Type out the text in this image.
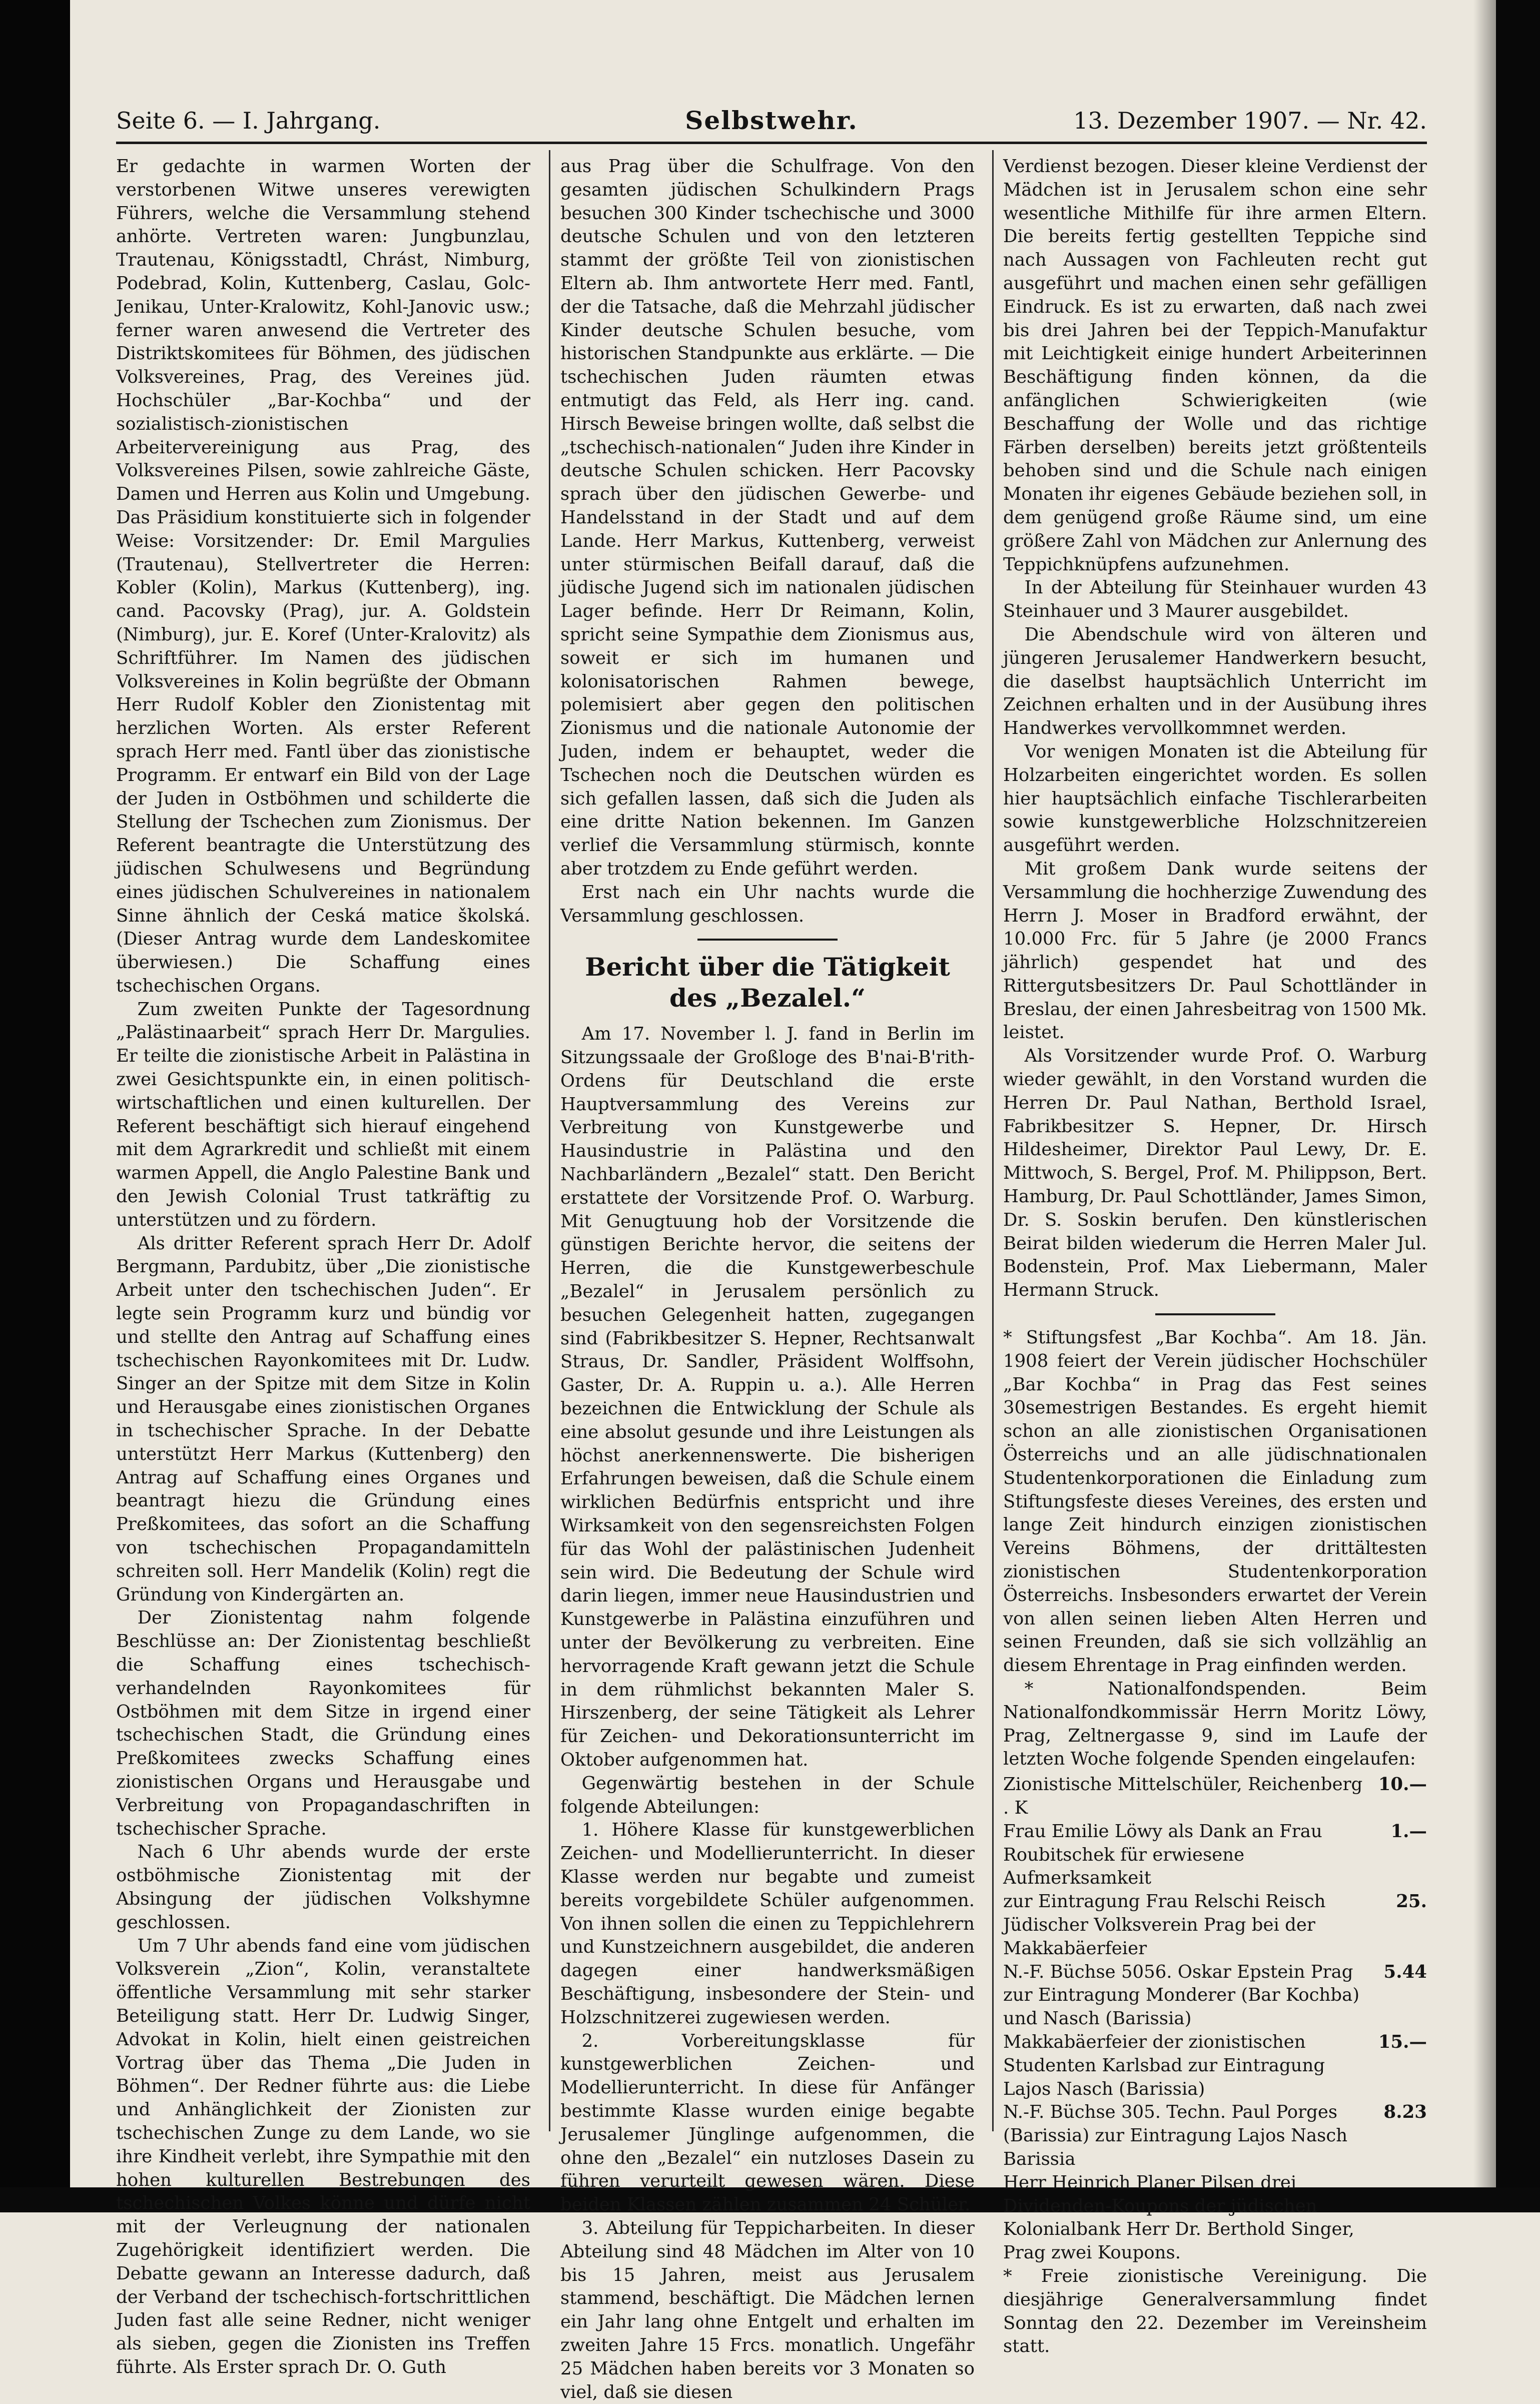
Seite 6. — I. Jahrgang.	Selbstwehr.	13. Dezember 1907. — Nr. 42.

Er gedachte in warmen Worten der verstorbenen Witwe unseres verewigten Führers, welche die Versammlung stehend anhörte. Vertreten waren: Jungbunzlau, Trautenau, Königsstadtl, Chrást, Nimburg, Podebrad, Kolin, Kuttenberg, Caslau, Golc-Jenikau, Unter-Kralowitz, Kohl-Janovic usw.; ferner waren anwesend die Vertreter des Distriktskomitees für Böhmen, des jüdischen Volksvereines, Prag, des Vereines jüd. Hochschüler „Bar-Kochba“ und der sozialistisch-zionistischen Arbeitervereinigung aus Prag, des Volksvereines Pilsen, sowie zahlreiche Gäste, Damen und Herren aus Kolin und Umgebung. Das Präsidium konstituierte sich in folgender Weise: Vorsitzender: Dr. Emil Margulies (Trautenau), Stellvertreter die Herren: Kobler (Kolin), Markus (Kuttenberg), ing. cand. Pacovsky (Prag), jur. A. Goldstein (Nimburg), jur. E. Koref (Unter-Kralovitz) als Schriftführer. Im Namen des jüdischen Volksvereines in Kolin begrüßte der Obmann Herr Rudolf Kobler den Zionistentag mit herzlichen Worten. Als erster Referent sprach Herr med. Fantl über das zionistische Programm. Er entwarf ein Bild von der Lage der Juden in Ostböhmen und schilderte die Stellung der Tschechen zum Zionismus. Der Referent beantragte die Unterstützung des jüdischen Schulwesens und Begründung eines jüdischen Schulvereines in nationalem Sinne ähnlich der Ceská matice školská. (Dieser Antrag wurde dem Landeskomitee überwiesen.) Die Schaffung eines tschechischen Organs.

Zum zweiten Punkte der Tagesordnung „Palästinaarbeit“ sprach Herr Dr. Margulies. Er teilte die zionistische Arbeit in Palästina in zwei Gesichtspunkte ein, in einen politisch-wirtschaftlichen und einen kulturellen. Der Referent beschäftigt sich hierauf eingehend mit dem Agrarkredit und schließt mit einem warmen Appell, die Anglo Palestine Bank und den Jewish Colonial Trust tatkräftig zu unterstützen und zu fördern.

Als dritter Referent sprach Herr Dr. Adolf Bergmann, Pardubitz, über „Die zionistische Arbeit unter den tschechischen Juden“. Er legte sein Programm kurz und bündig vor und stellte den Antrag auf Schaffung eines tschechischen Rayonkomitees mit Dr. Ludw. Singer an der Spitze mit dem Sitze in Kolin und Herausgabe eines zionistischen Organes in tschechischer Sprache. In der Debatte unterstützt Herr Markus (Kuttenberg) den Antrag auf Schaffung eines Organes und beantragt hiezu die Gründung eines Preßkomitees, das sofort an die Schaffung von tschechischen Propagandamitteln schreiten soll. Herr Mandelik (Kolin) regt die Gründung von Kindergärten an.

Der Zionistentag nahm folgende Beschlüsse an: Der Zionistentag beschließt die Schaffung eines tschechisch-verhandelnden Rayonkomitees für Ostböhmen mit dem Sitze in irgend einer tschechischen Stadt, die Gründung eines Preßkomitees zwecks Schaffung eines zionistischen Organs und Herausgabe und Verbreitung von Propagandaschriften in tschechischer Sprache.

Nach 6 Uhr abends wurde der erste ostböhmische Zionistentag mit der Absingung der jüdischen Volkshymne geschlossen.

Um 7 Uhr abends fand eine vom jüdischen Volksverein „Zion“, Kolin, veranstaltete öffentliche Versammlung mit sehr starker Beteiligung statt. Herr Dr. Ludwig Singer, Advokat in Kolin, hielt einen geistreichen Vortrag über das Thema „Die Juden in Böhmen“. Der Redner führte aus: die Liebe und Anhänglichkeit der Zionisten zur tschechischen Zunge zu dem Lande, wo sie ihre Kindheit verlebt, ihre Sympathie mit den hohen kulturellen Bestrebungen des tschechischen Volkes könne und dürfe nicht mit der Verleugnung der nationalen Zugehörigkeit identifiziert werden. Die Debatte gewann an Interesse dadurch, daß der Verband der tschechisch-fortschrittlichen Juden fast alle seine Redner, nicht weniger als sieben, gegen die Zionisten ins Treffen führte. Als Erster sprach Dr. O. Guth

aus Prag über die Schulfrage. Von den gesamten jüdischen Schulkindern Prags besuchen 300 Kinder tschechische und 3000 deutsche Schulen und von den letzteren stammt der größte Teil von zionistischen Eltern ab. Ihm antwortete Herr med. Fantl, der die Tatsache, daß die Mehrzahl jüdischer Kinder deutsche Schulen besuche, vom historischen Standpunkte aus erklärte. — Die tschechischen Juden räumten etwas entmutigt das Feld, als Herr ing. cand. Hirsch Beweise bringen wollte, daß selbst die „tschechisch-nationalen“ Juden ihre Kinder in deutsche Schulen schicken. Herr Pacovsky sprach über den jüdischen Gewerbe- und Handelsstand in der Stadt und auf dem Lande. Herr Markus, Kuttenberg, verweist unter stürmischen Beifall darauf, daß die jüdische Jugend sich im nationalen jüdischen Lager befinde. Herr Dr Reimann, Kolin, spricht seine Sympathie dem Zionismus aus, soweit er sich im humanen und kolonisatorischen Rahmen bewege, polemisiert aber gegen den politischen Zionismus und die nationale Autonomie der Juden, indem er behauptet, weder die Tschechen noch die Deutschen würden es sich gefallen lassen, daß sich die Juden als eine dritte Nation bekennen. Im Ganzen verlief die Versammlung stürmisch, konnte aber trotzdem zu Ende geführt werden.

Erst nach ein Uhr nachts wurde die Versammlung geschlossen.

Bericht über die Tätigkeit des „Bezalel.“

Am 17. November l. J. fand in Berlin im Sitzungssaale der Großloge des B'nai-B'rith-Ordens für Deutschland die erste Hauptversammlung des Vereins zur Verbreitung von Kunstgewerbe und Hausindustrie in Palästina und den Nachbarländern „Bezalel“ statt. Den Bericht erstattete der Vorsitzende Prof. O. Warburg. Mit Genugtuung hob der Vorsitzende die günstigen Berichte hervor, die seitens der Herren, die die Kunstgewerbeschule „Bezalel“ in Jerusalem persönlich zu besuchen Gelegenheit hatten, zugegangen sind (Fabrikbesitzer S. Hepner, Rechtsanwalt Straus, Dr. Sandler, Präsident Wolffsohn, Gaster, Dr. A. Ruppin u. a.). Alle Herren bezeichnen die Entwicklung der Schule als eine absolut gesunde und ihre Leistungen als höchst anerkennenswerte. Die bisherigen Erfahrungen beweisen, daß die Schule einem wirklichen Bedürfnis entspricht und ihre Wirksamkeit von den segensreichsten Folgen für das Wohl der palästinischen Judenheit sein wird. Die Bedeutung der Schule wird darin liegen, immer neue Hausindustrien und Kunstgewerbe in Palästina einzuführen und unter der Bevölkerung zu verbreiten. Eine hervorragende Kraft gewann jetzt die Schule in dem rühmlichst bekannten Maler S. Hirszenberg, der seine Tätigkeit als Lehrer für Zeichen- und Dekorationsunterricht im Oktober aufgenommen hat.

Gegenwärtig bestehen in der Schule folgende Abteilungen:

1. Höhere Klasse für kunstgewerblichen Zeichen- und Modellierunterricht. In dieser Klasse werden nur begabte und zumeist bereits vorgebildete Schüler aufgenommen. Von ihnen sollen die einen zu Teppichlehrern und Kunstzeichnern ausgebildet, die anderen dagegen einer handwerksmäßigen Beschäftigung, insbesondere der Stein- und Holzschnitzerei zugewiesen werden.

2. Vorbereitungsklasse für kunstgewerblichen Zeichen- und Modellierunterricht. In diese für Anfänger bestimmte Klasse wurden einige begabte Jerusalemer Jünglinge aufgenommen, die ohne den „Bezalel“ ein nutzloses Dasein zu führen verurteilt gewesen wären. Diese beiden Klassen zählen zusammen 24 Schüler.

3. Abteilung für Teppicharbeiten. In dieser Abteilung sind 48 Mädchen im Alter von 10 bis 15 Jahren, meist aus Jerusalem stammend, beschäftigt. Die Mädchen lernen ein Jahr lang ohne Entgelt und erhalten im zweiten Jahre 15 Frcs. monatlich. Ungefähr 25 Mädchen haben bereits vor 3 Monaten so viel, daß sie diesen

Verdienst bezogen. Dieser kleine Verdienst der Mädchen ist in Jerusalem schon eine sehr wesentliche Mithilfe für ihre armen Eltern. Die bereits fertig gestellten Teppiche sind nach Aussagen von Fachleuten recht gut ausgeführt und machen einen sehr gefälligen Eindruck. Es ist zu erwarten, daß nach zwei bis drei Jahren bei der Teppich-Manufaktur mit Leichtigkeit einige hundert Arbeiterinnen Beschäftigung finden können, da die anfänglichen Schwierigkeiten (wie Beschaffung der Wolle und das richtige Färben derselben) bereits jetzt größtenteils behoben sind und die Schule nach einigen Monaten ihr eigenes Gebäude beziehen soll, in dem genügend große Räume sind, um eine größere Zahl von Mädchen zur Anlernung des Teppichknüpfens aufzunehmen.

In der Abteilung für Steinhauer wurden 43 Steinhauer und 3 Maurer ausgebildet.

Die Abendschule wird von älteren und jüngeren Jerusalemer Handwerkern besucht, die daselbst hauptsächlich Unterricht im Zeichnen erhalten und in der Ausübung ihres Handwerkes vervollkommnet werden.

Vor wenigen Monaten ist die Abteilung für Holzarbeiten eingerichtet worden. Es sollen hier hauptsächlich einfache Tischlerarbeiten sowie kunstgewerbliche Holzschnitzereien ausgeführt werden.

Mit großem Dank wurde seitens der Versammlung die hochherzige Zuwendung des Herrn J. Moser in Bradford erwähnt, der 10.000 Frc. für 5 Jahre (je 2000 Francs jährlich) gespendet hat und des Rittergutsbesitzers Dr. Paul Schottländer in Breslau, der einen Jahresbeitrag von 1500 Mk. leistet.

Als Vorsitzender wurde Prof. O. Warburg wieder gewählt, in den Vorstand wurden die Herren Dr. Paul Nathan, Berthold Israel, Fabrikbesitzer S. Hepner, Dr. Hirsch Hildesheimer, Direktor Paul Lewy, Dr. E. Mittwoch, S. Bergel, Prof. M. Philippson, Bert. Hamburg, Dr. Paul Schottländer, James Simon, Dr. S. Soskin berufen. Den künstlerischen Beirat bilden wiederum die Herren Maler Jul. Bodenstein, Prof. Max Liebermann, Maler Hermann Struck.

* Stiftungsfest „Bar Kochba“. Am 18. Jän. 1908 feiert der Verein jüdischer Hochschüler „Bar Kochba“ in Prag das Fest seines 30semestrigen Bestandes. Es ergeht hiemit schon an alle zionistischen Organisationen Österreichs und an alle jüdischnationalen Studentenkorporationen die Einladung zum Stiftungsfeste dieses Vereines, des ersten und lange Zeit hindurch einzigen zionistischen Vereins Böhmens, der drittältesten zionistischen Studentenkorporation Österreichs. Insbesonders erwartet der Verein von allen seinen lieben Alten Herren und seinen Freunden, daß sie sich vollzählig an diesem Ehrentage in Prag einfinden werden.

* Nationalfondspenden. Beim Nationalfondkommissär Herrn Moritz Löwy, Prag, Zeltnergasse 9, sind im Laufe der letzten Woche folgende Spenden eingelaufen:

Zionistische Mittelschüler, Reichenberg . K
10.—
Frau Emilie Löwy als Dank an Frau Roubitschek für erwiesene Aufmerksamkeit
1.—
zur Eintragung Frau Relschi Reisch Jüdischer Volksverein Prag bei der Makkabäerfeier
25.
N.-F. Büchse 5056. Oskar Epstein Prag zur Eintragung Monderer (Bar Kochba) und Nasch (Barissia)
5.44
Makkabäerfeier der zionistischen Studenten Karlsbad zur Eintragung Lajos Nasch (Barissia)
15.—
N.-F. Büchse 305. Techn. Paul Porges (Barissia) zur Eintragung Lajos Nasch Barissia
8.23
Herr Heinrich Planer Pilsen drei Dividenden-Koupons der jüdischen Kolonialbank Herr Dr. Berthold Singer, Prag zwei Koupons.

* Freie zionistische Vereinigung. Die diesjährige Generalversammlung findet Sonntag den 22. Dezember im Vereinsheim statt.
